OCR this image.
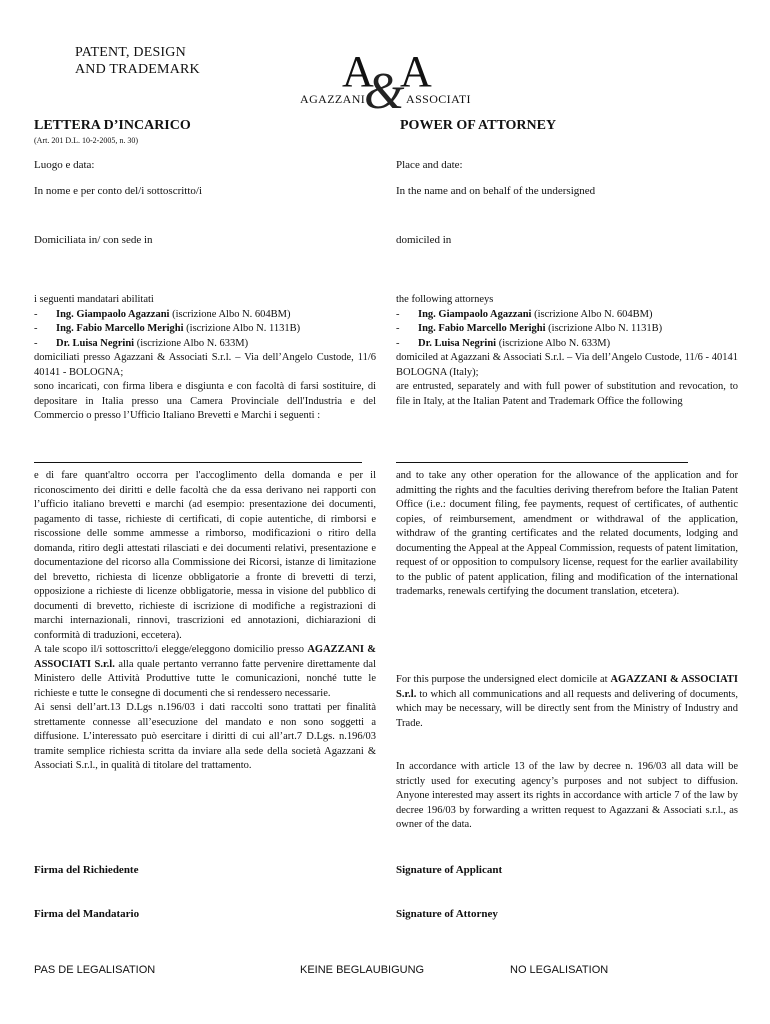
PATENT, DESIGN
AND TRADEMARK	A
&
A
AGAZZANI	ASSOCIATI
LETTERA D’INCARICO
(Art. 201 D.L. 10-2-2005, n. 30)
POWER OF ATTORNEY
Luogo e data:	Place and date:
In nome e per conto del/i sottoscritto/i	In the name and on behalf of the undersigned
Domiciliata in/ con sede in	domiciled in

i seguenti mandatari abilitati

- Ing. Giampaolo Agazzani (iscrizione Albo N. 604BM)
- Ing. Fabio Marcello Merighi (iscrizione Albo N. 1131B)
- Dr. Luisa Negrini (iscrizione Albo N. 633M)

domiciliati presso Agazzani & Associati S.r.l. – Via dell’Angelo Custode, 11/6 40141 - BOLOGNA;

sono incaricati, con firma libera e disgiunta e con facoltà di farsi sostituire, di depositare in Italia presso una Camera Provinciale dell'Industria e del Commercio o presso l’Ufficio Italiano Brevetti e Marchi i seguenti :

the following attorneys

- Ing. Giampaolo Agazzani (iscrizione Albo N. 604BM)
- Ing. Fabio Marcello Merighi (iscrizione Albo N. 1131B)
- Dr. Luisa Negrini (iscrizione Albo N. 633M)

domiciled at Agazzani & Associati S.r.l. – Via dell’Angelo Custode, 11/6 - 40141 BOLOGNA (Italy);

are entrusted, separately and with full power of substitution and revocation, to file in Italy, at the Italian Patent and Trademark Office the following

e di fare quant'altro occorra per l'accoglimento della domanda e per il riconoscimento dei diritti e delle facoltà che da essa derivano nei rapporti con l’ufficio italiano brevetti e marchi (ad esempio: presentazione dei documenti, pagamento di tasse, richieste di certificati, di copie autentiche, di rimborsi e riscossione delle somme ammesse a rimborso, modificazioni o ritiro della domanda, ritiro degli attestati rilasciati e dei documenti relativi, presentazione e documentazione del ricorso alla Commissione dei Ricorsi, istanze di limitazione del brevetto, richiesta di licenze obbligatorie a fronte di brevetti di terzi, opposizione a richieste di licenze obbligatorie, messa in visione del pubblico di documenti di brevetto, richieste di iscrizione di modifiche a registrazioni di marchi internazionali, rinnovi, trascrizioni ed annotazioni, dichiarazioni di conformità di traduzioni, eccetera).

A tale scopo il/i sottoscritto/i elegge/eleggono domicilio presso AGAZZANI & ASSOCIATI S.r.l. alla quale pertanto verranno fatte pervenire direttamente dal Ministero delle Attività Produttive tutte le comunicazioni, nonché tutte le richieste e tutte le consegne di documenti che si rendessero necessarie.

Ai sensi dell’art.13 D.Lgs n.196/03 i dati raccolti sono trattati per finalità strettamente connesse all’esecuzione del mandato e non sono soggetti a diffusione. L’interessato può esercitare i diritti di cui all’art.7 D.Lgs. n.196/03 tramite semplice richiesta scritta da inviare alla sede della società Agazzani & Associati S.r.l., in qualità di titolare del trattamento.

and to take any other operation for the allowance of the application and for admitting the rights and the faculties deriving therefrom before the Italian Patent Office (i.e.: document filing, fee payments, request of certificates, of authentic copies, of reimbursement, amendment or withdrawal of the application, withdraw of the granting certificates and the related documents, lodging and documenting the Appeal at the Appeal Commission, requests of patent limitation, request of or opposition to compulsory license, request for the earlier availability to the public of patent application, filing and modification of the international trademarks, renewals certifying the document translation, etcetera).
For this purpose the undersigned elect domicile at AGAZZANI & ASSOCIATI S.r.l. to which all communications and all requests and delivering of documents, which may be necessary, will be directly sent from the Ministry of Industry and Trade.
In accordance with article 13 of the law by decree n. 196/03 all data will be strictly used for executing agency’s purposes and not subject to diffusion. Anyone interested may assert its rights in accordance with article 7 of the law by decree 196/03 by forwarding a written request to Agazzani & Associati s.r.l., as owner of the data.
Firma del Richiedente	Signature of Applicant
Firma del Mandatario	Signature of Attorney
PAS DE LEGALISATION	KEINE BEGLAUBIGUNG	NO LEGALISATION
